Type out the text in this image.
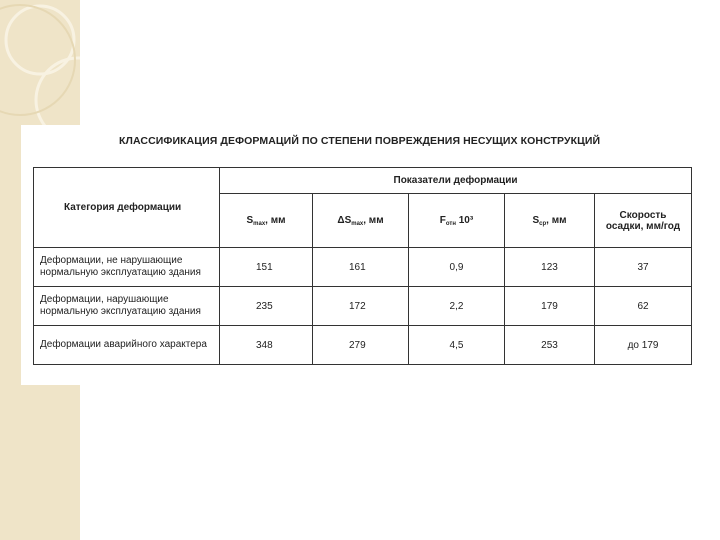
КЛАССИФИКАЦИЯ ДЕФОРМАЦИЙ ПО СТЕПЕНИ ПОВРЕЖДЕНИЯ НЕСУЩИХ КОНСТРУКЦИЙ
Категория деформации	Показатели деформации				
	$S_{max}$, мм	$\Delta S_{max}$, мм	$F_{отн}$ 10³	$S_{ср}$, мм	Скорость осадки, мм/год
Деформации, не нарушающие нормальную эксплуатацию здания	151	161	0,9	123	37
Деформации, нарушающие нормальную эксплуатацию здания	235	172	2,2	179	62
Деформации аварийного характера	348	279	4,5	253	до 179
